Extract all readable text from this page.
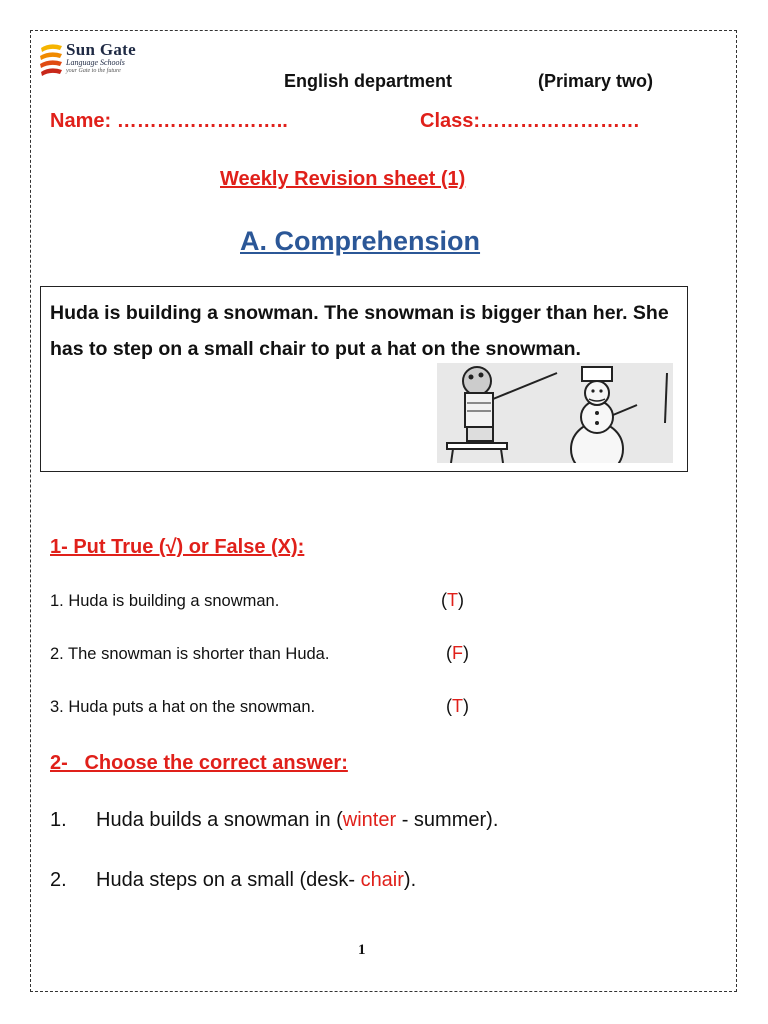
Sun Gate
Language Schools
your Gate to the future	English department	(Primary two)
Name: ……………………..	Class:……………………
Weekly Revision sheet (1)
A. Comprehension
Huda is building a snowman. The snowman is bigger than her. She has to step on a small chair to put a hat on the snowman.
1- Put True (√) or False (X):
1. Huda is building a snowman.	(T)
2. The snowman is shorter than Huda.	(F)
3. Huda puts a hat on the snowman.	(T)
2-   Choose the correct answer:
1. Huda builds a snowman in (winter - summer).
2. Huda steps on a small (desk- chair).
1
